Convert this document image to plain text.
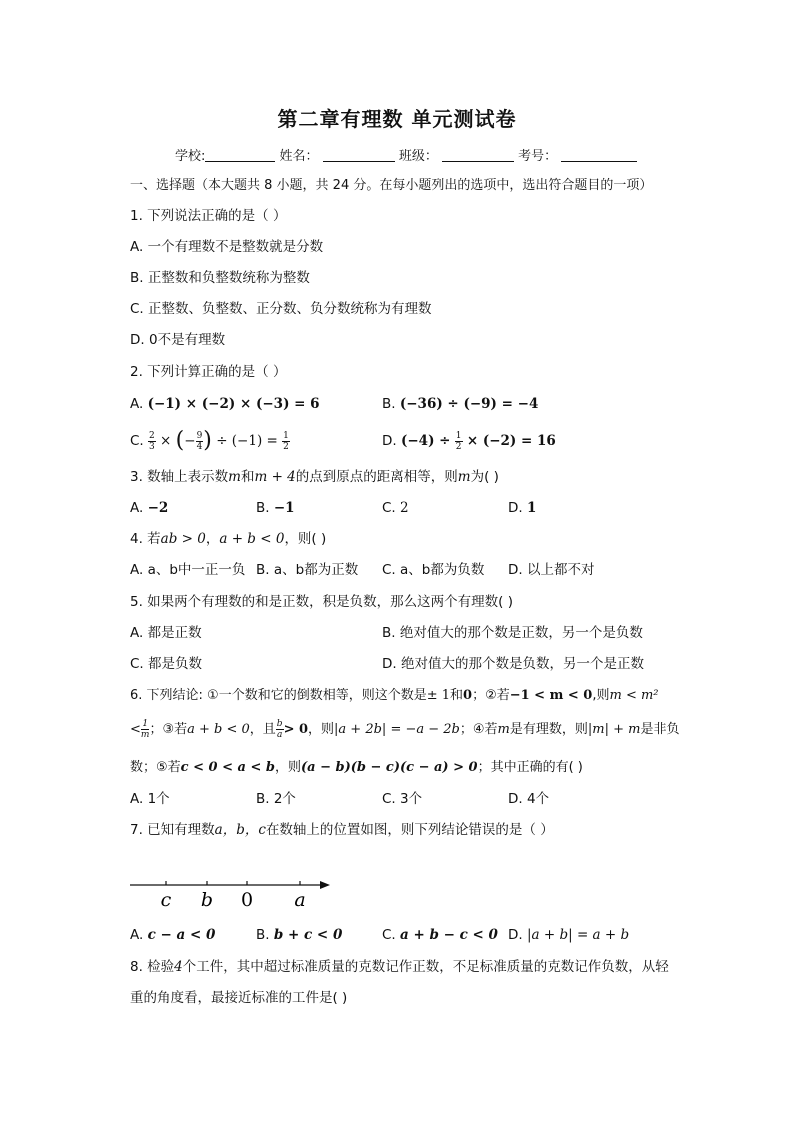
第二章有理数 单元测试卷
学校:	姓名：	班级：	考号：
一、选择题（本大题共 8 小题，共 24 分。在每小题列出的选项中，选出符合题目的一项）
1. 下列说法正确的是（ ）
A. 一个有理数不是整数就是分数
B. 正整数和负整数统称为整数
C. 正整数、负整数、正分数、负分数统称为有理数
D. 0不是有理数
2. 下列计算正确的是（ ）
A. (−1) × (−2) × (−3) = 6	B. (−36) ÷ (−9) = −4
C. $\frac{2}{3}$ × (− $\frac{9}{4}$ ) ÷ $(-1) = \frac{1}{2}$	D. $(-4) \div \frac{1}{2} \times (-2) = 16$
3. 数轴上表示数m和m + 4的点到原点的距离相等，则m为( )
A. −2	B. −1	C. 2	D. 1
4. 若ab > 0，a + b < 0，则( )
A. a、b中一正一负 B. a、b都为正数 C. a、b都为负数 D. 以上都不对
5. 如果两个有理数的和是正数，积是负数，那么这两个有理数( )
A. 都是正数	B. 绝对值大的那个数是正数，另一个是负数
C. 都是负数	D. 绝对值大的那个数是负数，另一个是正数
6. 下列结论: ①一个数和它的倒数相等，则这个数是± 1和0；②若−1 < m < 0,则m < m²
< $\frac{1}{m}$ ；③若a + b < 0，且 $\frac{b}{a} > 0$，则|a + 2b| = −a − 2b；④若m是有理数，则|m| + m是非负
数；⑤若c < 0 < a < b，则(a − b)(b − c)(c − a) > 0；其中正确的有( )
A. 1个	B. 2个	C. 3个	D. 4个
7. 已知有理数a，b，c在数轴上的位置如图，则下列结论错误的是（ ）
c b 0 a
A. c − a < 0	B. b + c < 0	C. a + b − c < 0 D. |a + b| = a + b
8. 检验4个工件，其中超过标准质量的克数记作正数，不足标准质量的克数记作负数，从轻
重的角度看，最接近标准的工件是( )
